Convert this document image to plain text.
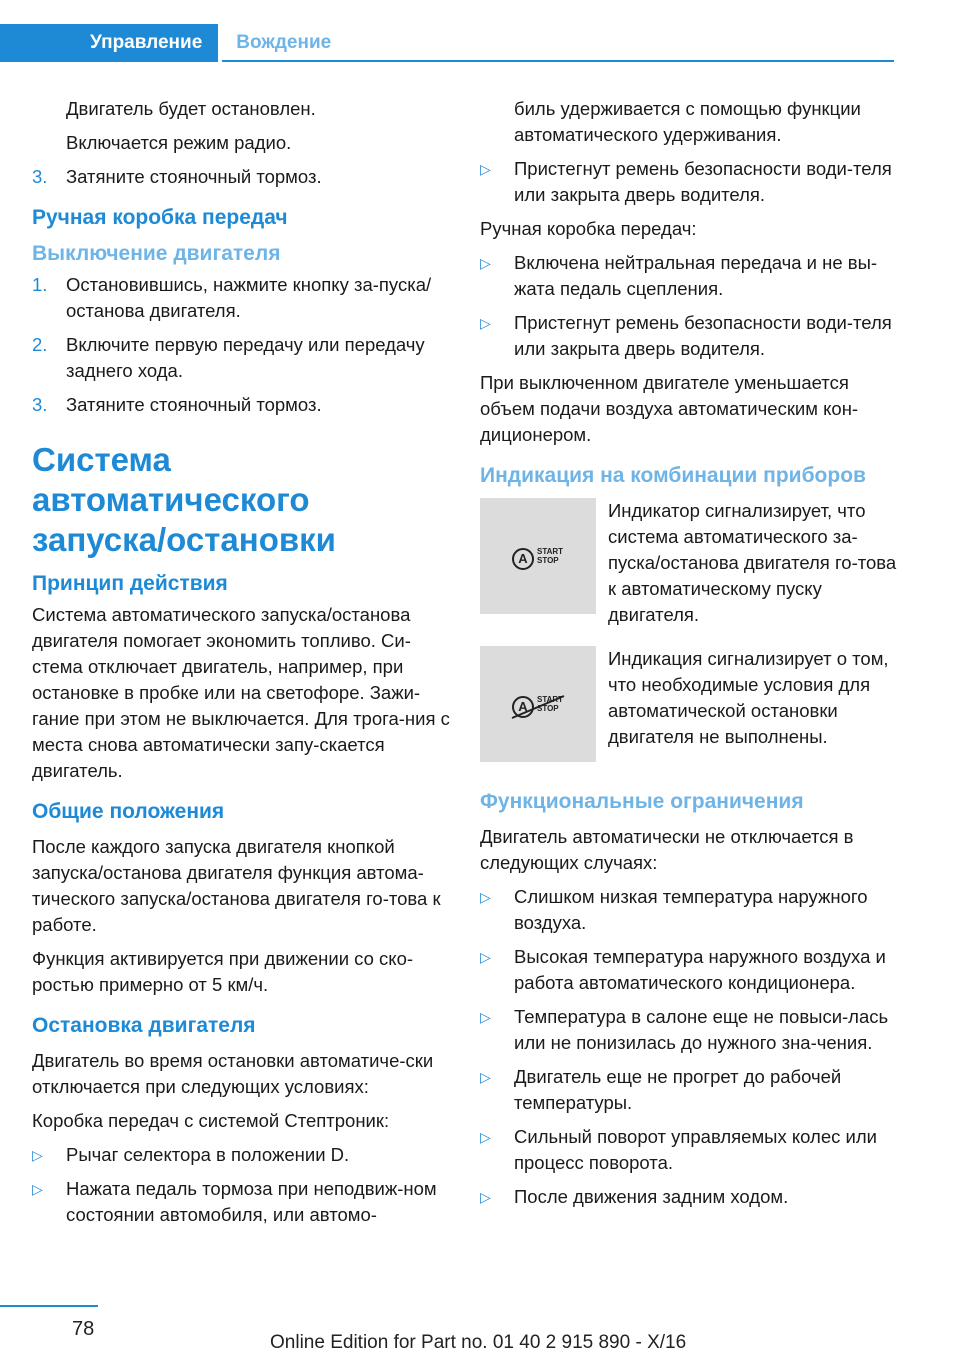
Управление	Вождение

Двигатель будет остановлен.

Включается режим радио.

3.	Затяните стояночный тормоз.
Ручная коробка передач
Выключение двигателя
1.	Остановившись, нажмите кнопку за-пуска/останова двигателя.
2.	Включите первую передачу или передачу заднего хода.
3.	Затяните стояночный тормоз.
Система автоматического запуска/остановки
Принцип действия

Система автоматического запуска/останова двигателя помогает экономить топливо. Си-стема отключает двигатель, например, при остановке в пробке или на светофоре. Зажи-гание при этом не выключается. Для трога-ния с места снова автоматически запу-скается двигатель.

Общие положения

После каждого запуска двигателя кнопкой запуска/останова двигателя функция автома-тического запуска/останова двигателя го-това к работе.

Функция активируется при движении со ско-ростью примерно от 5 км/ч.

Остановка двигателя

Двигатель во время остановки автоматиче-ски отключается при следующих условиях:

Коробка передач с системой Стептроник:

▷	Рычаг селектора в положении D.
▷	Нажата педаль тормоза при неподвиж-ном состоянии автомобиля, или автомо-

биль удерживается с помощью функции автоматического удерживания.

▷	Пристегнут ремень безопасности води-теля или закрыта дверь водителя.

Ручная коробка передач:

▷	Включена нейтральная передача и не вы-жата педаль сцепления.
▷	Пристегнут ремень безопасности води-теля или закрыта дверь водителя.

При выключенном двигателе уменьшается объем подачи воздуха автоматическим кон-диционером.

Индикация на комбинации приборов
A	START
STOP

Индикатор сигнализирует, что система автоматического за-пуска/останова двигателя го-това к автоматическому пуску двигателя.

A	START
STOP

Индикация сигнализирует о том, что необходимые условия для автоматической остановки двигателя не выполнены.

Функциональные ограничения

Двигатель автоматически не отключается в следующих случаях:

▷	Слишком низкая температура наружного воздуха.
▷	Высокая температура наружного воздуха и работа автоматического кондиционера.
▷	Температура в салоне еще не повыси-лась или не понизилась до нужного зна-чения.
▷	Двигатель еще не прогрет до рабочей температуры.
▷	Сильный поворот управляемых колес или процесс поворота.
▷	После движения задним ходом.
78
Online Edition for Part no. 01 40 2 915 890 - X/16
